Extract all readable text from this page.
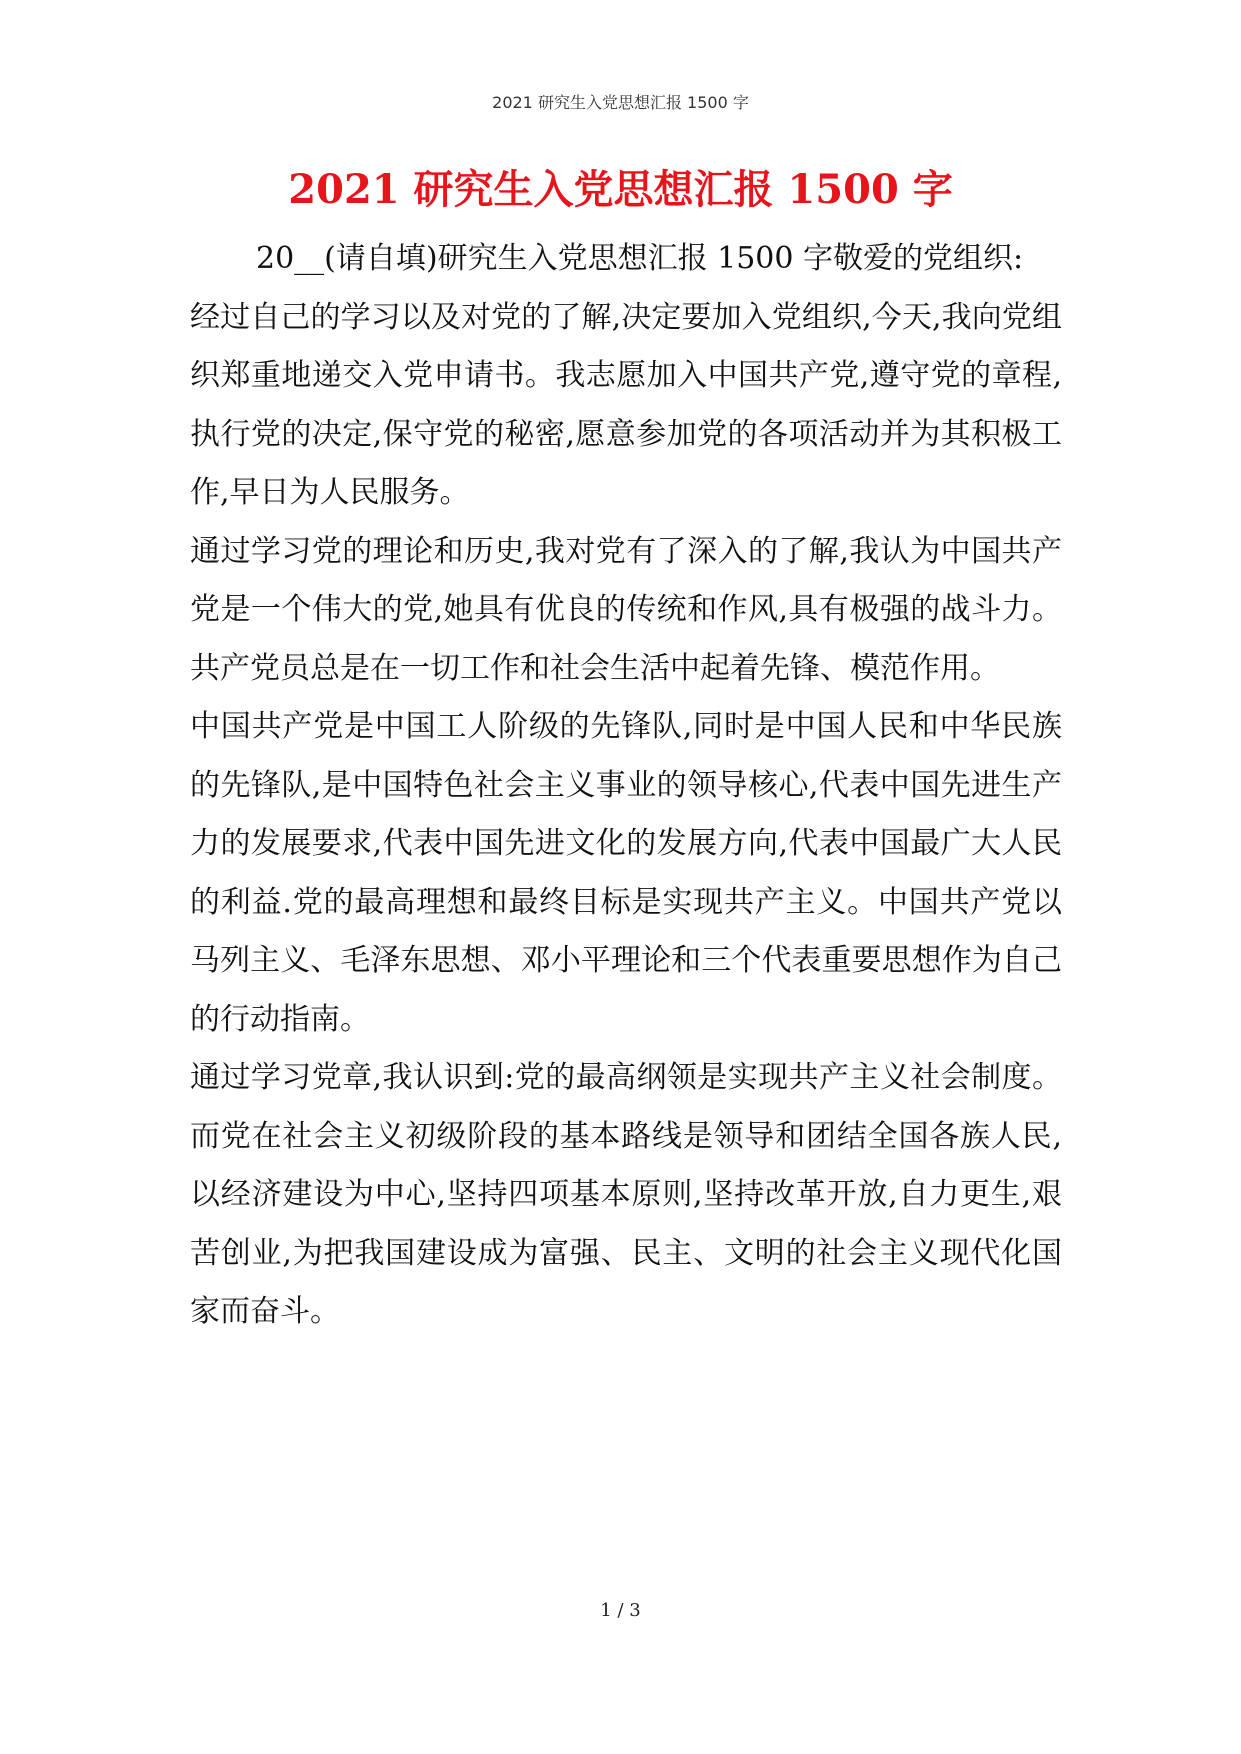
2021 研究生入党思想汇报 1500 字
2021 研究生入党思想汇报 1500 字

20__(请自填)研究生入党思想汇报 1500 字敬爱的党组织:

经过自己的学习以及对党的了解,决定要加入党组织,今天,我向党组织郑重地递交入党申请书。我志愿加入中国共产党,遵守党的章程,执行党的决定,保守党的秘密,愿意参加党的各项活动并为其积极工作,早日为人民服务。

通过学习党的理论和历史,我对党有了深入的了解,我认为中国共产党是一个伟大的党,她具有优良的传统和作风,具有极强的战斗力。共产党员总是在一切工作和社会生活中起着先锋、模范作用。

中国共产党是中国工人阶级的先锋队,同时是中国人民和中华民族的先锋队,是中国特色社会主义事业的领导核心,代表中国先进生产力的发展要求,代表中国先进文化的发展方向,代表中国最广大人民的利益.党的最高理想和最终目标是实现共产主义。中国共产党以马列主义、毛泽东思想、邓小平理论和三个代表重要思想作为自己的行动指南。

通过学习党章,我认识到:党的最高纲领是实现共产主义社会制度。而党在社会主义初级阶段的基本路线是领导和团结全国各族人民,以经济建设为中心,坚持四项基本原则,坚持改革开放,自力更生,艰苦创业,为把我国建设成为富强、民主、文明的社会主义现代化国家而奋斗。

1 / 3
